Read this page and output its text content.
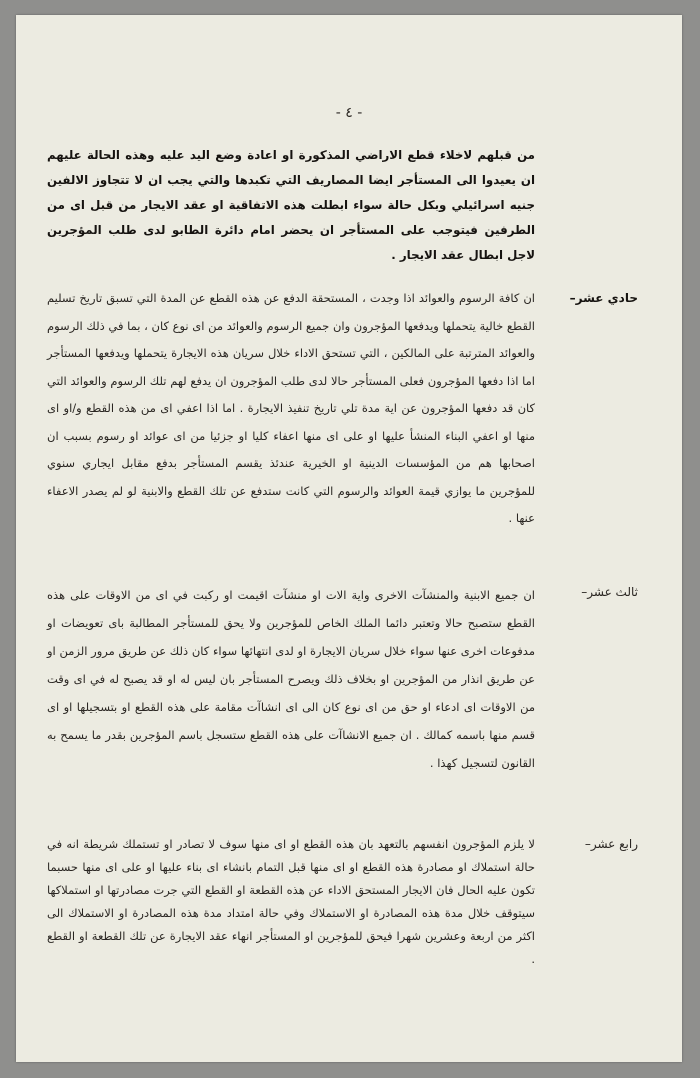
- ٤ -

من قبلهم لاخلاء قطع الاراضي المذكورة او اعادة وضع اليد عليه وهذه الحالة عليهم ان يعيدوا الى المستأجر ايضا المصاريف التي تكبدها والتي يجب ان لا تتجاوز الالفين جنيه اسرائيلي وبكل حالة سواء ابطلت هذه الاتفاقية او عقد الايجار من قبل اى من الطرفين فيتوجب على المستأجر ان يحضر امام دائرة الطابو لدى طلب المؤجرين لاجل ابطال عقد الايجار .

حادي عشر–

ان كافة الرسوم والعوائد اذا وجدت ، المستحقة الدفع عن هذه القطع عن المدة التي تسبق تاريخ تسليم القطع خالية يتحملها ويدفعها المؤجرون وان جميع الرسوم والعوائد من اى نوع كان ، بما في ذلك الرسوم والعوائد المترتبة على المالكين ، التي تستحق الاداء خلال سريان هذه الايجارة يتحملها ويدفعها المستأجر اما اذا دفعها المؤجرون فعلى المستأجر حالا لدى طلب المؤجرون ان يدفع لهم تلك الرسوم والعوائد التي كان قد دفعها المؤجرون عن اية مدة تلي تاريخ تنفيذ الايجارة . اما اذا اعفي اى من هذه القطع و/او اى منها او اعفي البناء المنشأ عليها او على اى منها اعفاء كليا او جزئيا من اى عوائد او رسوم بسبب ان اصحابها هم من المؤسسات الدينية او الخيرية عندئذ يقسم المستأجر بدفع مقابل ايجاري سنوي للمؤجرين ما يوازي قيمة العوائد والرسوم التي كانت ستدفع عن تلك القطع والابنية لو لم يصدر الاعفاء عنها .

ثالث عشر–

ان جميع الابنية والمنشآت الاخرى واية الات او منشآت اقيمت او ركبت في اى من الاوقات على هذه القطع ستصبح حالا وتعتبر دائما الملك الخاص للمؤجرين ولا يحق للمستأجر المطالبة باى تعويضات او مدفوعات اخرى عنها سواء خلال سريان الايجارة او لدى انتهائها سواء كان ذلك عن طريق مرور الزمن او عن طريق انذار من المؤجرين او بخلاف ذلك ويصرح المستأجر بان ليس له او قد يصبح له في اى وقت من الاوقات اى ادعاء او حق من اى نوع كان الى اى انشاآت مقامة على هذه القطع او بتسجيلها او اى قسم منها باسمه كمالك . ان جميع الانشاآت على هذه القطع ستسجل باسم المؤجرين بقدر ما يسمح به القانون لتسجيل كهذا .

رابع عشر–

لا يلزم المؤجرون انفسهم بالتعهد بان هذه القطع او اى منها سوف لا تصادر او تستملك شريطة انه في حالة استملاك او مصادرة هذه القطع او اى منها قبل التمام بانشاء اى بناء عليها او على اى منها حسبما تكون عليه الحال فان الايجار المستحق الاداء عن هذه القطعة او القطع التي جرت مصادرتها او استملاكها سيتوقف خلال مدة هذه المصادرة او الاستملاك وفي حالة امتداد مدة هذه المصادرة او الاستملاك الى اكثر من اربعة وعشرين شهرا فيحق للمؤجرين او المستأجر انهاء عقد الايجارة عن تلك القطعة او القطع .
